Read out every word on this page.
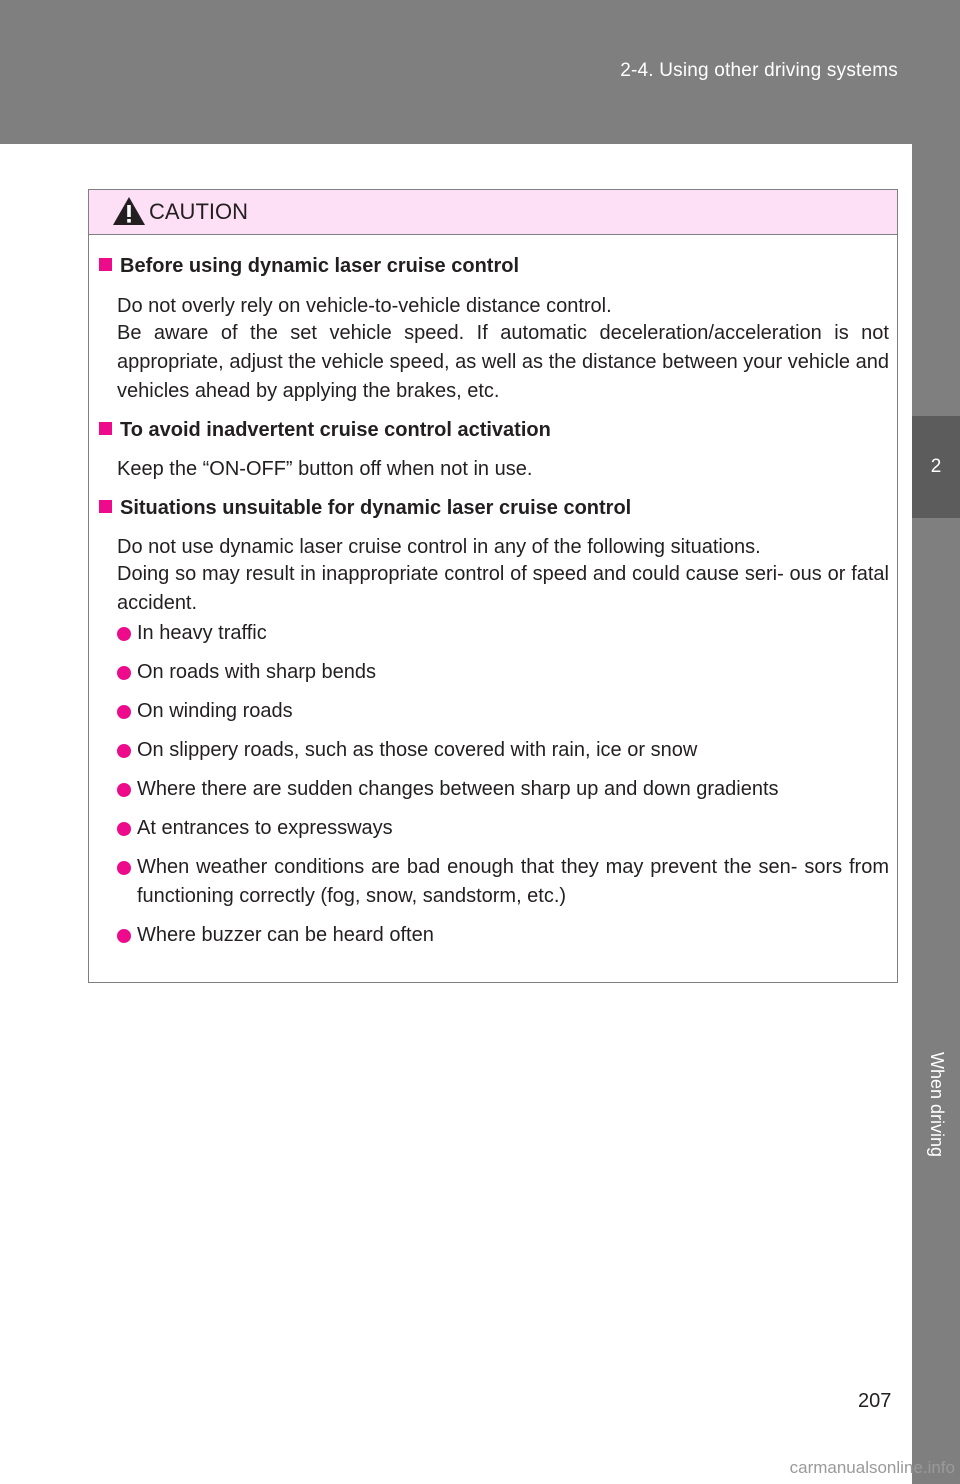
2-4. Using other driving systems
2
When driving
CAUTION
Before using dynamic laser cruise control
Do not overly rely on vehicle-to-vehicle distance control.
Be aware of the set vehicle speed. If automatic deceleration/acceleration is not appropriate, adjust the vehicle speed, as well as the distance between your vehicle and vehicles ahead by applying the brakes, etc.
To avoid inadvertent cruise control activation
Keep the “ON-OFF” button off when not in use.
Situations unsuitable for dynamic laser cruise control
Do not use dynamic laser cruise control in any of the following situations.
Doing so may result in inappropriate control of speed and could cause seri- ous or fatal accident.
In heavy traffic
On roads with sharp bends
On winding roads
On slippery roads, such as those covered with rain, ice or snow
Where there are sudden changes between sharp up and down gradients
At entrances to expressways
When weather conditions are bad enough that they may prevent the sen- sors from functioning correctly (fog, snow, sandstorm, etc.)
Where buzzer can be heard often
207
carmanualsonline.info
